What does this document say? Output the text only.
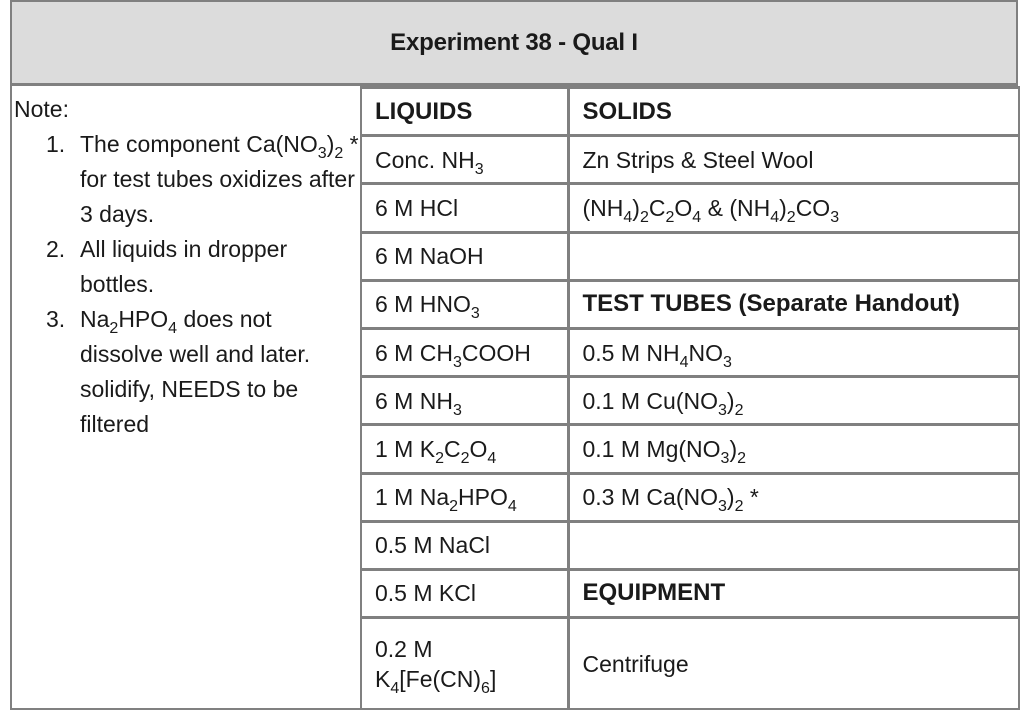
Experiment 38 - Qual I
Note:
1. The component $Ca(NO_3)_2$ * for test tubes oxidizes after 3 days.
2. All liquids in dropper bottles.
3. $Na_2HPO_4$ does not dissolve well and later. solidify, NEEDS to be filtered
LIQUIDS	SOLIDS
Conc. $NH_3$	Zn Strips & Steel Wool
6 M HCl	$(NH_4)_2C_2O_4$ & $(NH_4)_2CO_3$
6 M NaOH	
6 M $HNO_3$	TEST TUBES (Separate Handout)
6 M $CH_3COOH$	0.5 M $NH_4NO_3$
6 M $NH_3$	0.1 M $Cu(NO_3)_2$
1 M $K_2C_2O_4$	0.1 M $Mg(NO_3)_2$
1 M $Na_2HPO_4$	0.3 M $Ca(NO_3)_2$ *
0.5 M NaCl	
0.5 M KCl	EQUIPMENT
0.2 M
$K_4[Fe(CN)_6]$	Centrifuge
